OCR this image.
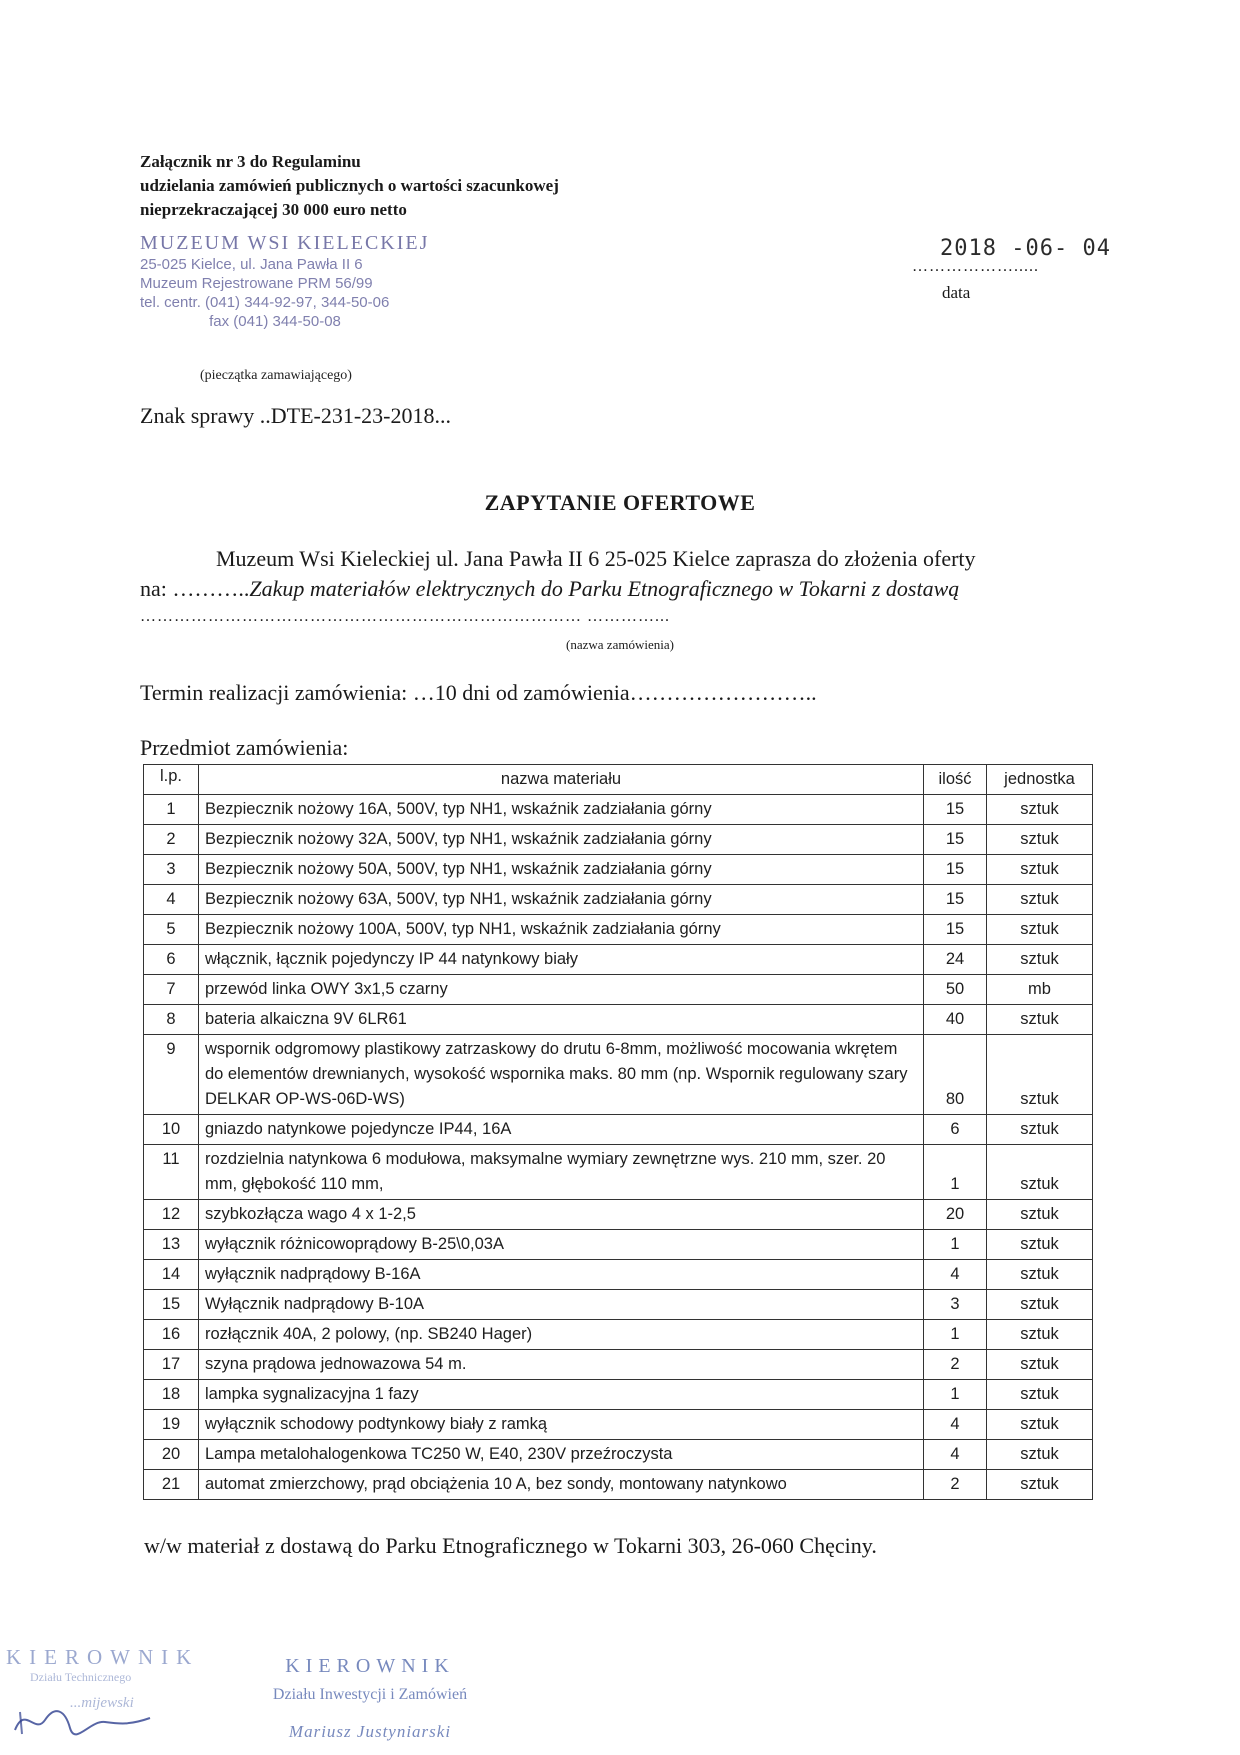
Załącznik nr 3 do Regulaminu
udzielania zamówień publicznych o wartości szacunkowej
nieprzekraczającej 30 000 euro netto
MUZEUM WSI KIELECKIEJ
25-025 Kielce, ul. Jana Pawła II 6
Muzeum Rejestrowane PRM 56/99
tel. centr. (041) 344-92-97, 344-50-06
fax (041) 344-50-08
(pieczątka zamawiającego)
2018 -06- 04
……………….....
data
Znak sprawy ..DTE-231-23-2018...
ZAPYTANIE OFERTOWE
Muzeum Wsi Kieleckiej ul. Jana Pawła II 6 25-025 Kielce zaprasza do złożenia oferty
na: ………..Zakup materiałów elektrycznych do Parku Etnograficznego w Tokarni z dostawą
…………………………………………………………………… …………...
(nazwa zamówienia)
Termin realizacji zamówienia: …10 dni od zamówienia……………………..
Przedmiot zamówienia:
l.p.	nazwa materiału	ilość	jednostka
1	Bezpiecznik nożowy 16A, 500V, typ NH1, wskaźnik zadziałania górny	15	sztuk
2	Bezpiecznik nożowy 32A, 500V, typ NH1, wskaźnik zadziałania górny	15	sztuk
3	Bezpiecznik nożowy 50A, 500V, typ NH1, wskaźnik zadziałania górny	15	sztuk
4	Bezpiecznik nożowy 63A, 500V, typ NH1, wskaźnik zadziałania górny	15	sztuk
5	Bezpiecznik nożowy 100A, 500V, typ NH1, wskaźnik zadziałania górny	15	sztuk
6	włącznik, łącznik pojedynczy IP 44 natynkowy biały	24	sztuk
7	przewód linka OWY 3x1,5 czarny	50	mb
8	bateria alkaiczna 9V 6LR61	40	sztuk
9	wspornik odgromowy plastikowy zatrzaskowy do drutu 6-8mm, możliwość mocowania wkrętem do elementów drewnianych, wysokość wspornika maks. 80 mm (np. Wspornik regulowany szary DELKAR OP-WS-06D-WS)	80	sztuk
10	gniazdo natynkowe pojedyncze IP44, 16A	6	sztuk
11	rozdzielnia natynkowa 6 modułowa, maksymalne wymiary zewnętrzne wys. 210 mm, szer. 20 mm, głębokość 110 mm,	1	sztuk
12	szybkozłącza wago 4 x 1-2,5	20	sztuk
13	wyłącznik różnicowoprądowy B-25\0,03A	1	sztuk
14	wyłącznik nadprądowy B-16A	4	sztuk
15	Wyłącznik nadprądowy B-10A	3	sztuk
16	rozłącznik 40A, 2 polowy, (np. SB240 Hager)	1	sztuk
17	szyna prądowa jednowazowa 54 m.	2	sztuk
18	lampka sygnalizacyjna 1 fazy	1	sztuk
19	wyłącznik schodowy podtynkowy biały z ramką	4	sztuk
20	Lampa metalohalogenkowa TC250 W, E40, 230V przeźroczysta	4	sztuk
21	automat zmierzchowy, prąd obciążenia 10 A, bez sondy, montowany natynkowo	2	sztuk
w/w materiał z dostawą do Parku Etnograficznego w Tokarni 303, 26-060 Chęciny.
KIEROWNIK
Działu Technicznego
...mijewski
KIEROWNIK
Działu Inwestycji i Zamówień
Mariusz Justyniarski
